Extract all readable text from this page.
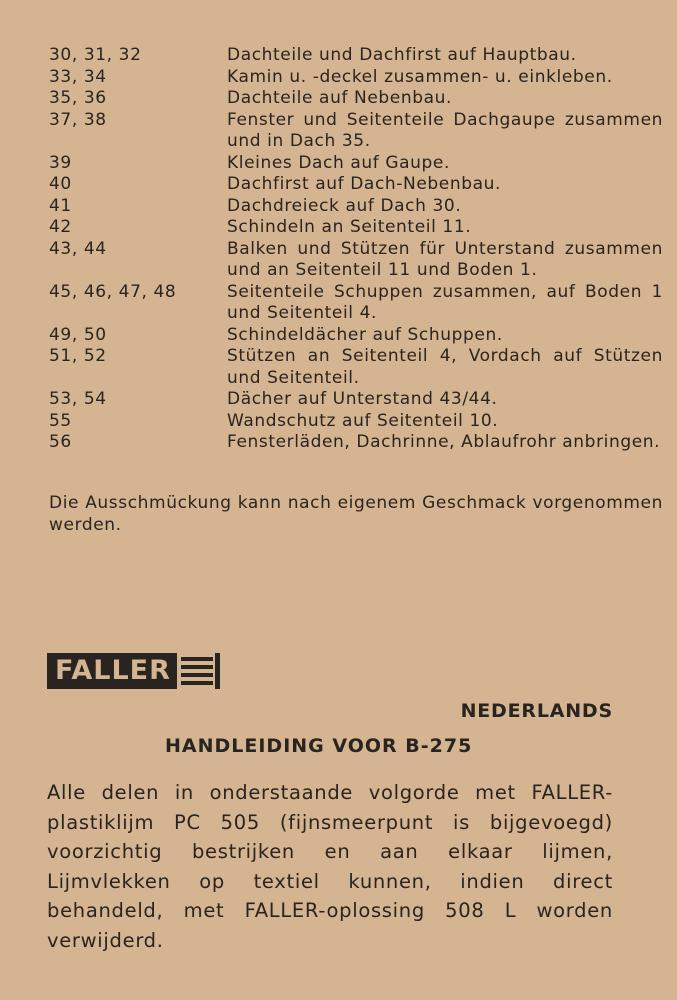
30, 31, 32	Dachteile und Dachfirst auf Hauptbau.
33, 34	Kamin u. -deckel zusammen- u. einkleben.
35, 36	Dachteile auf Nebenbau.
37, 38	Fenster und Seitenteile Dachgaupe zusammen und in Dach 35.
39	Kleines Dach auf Gaupe.
40	Dachfirst auf Dach-Nebenbau.
41	Dachdreieck auf Dach 30.
42	Schindeln an Seitenteil 11.
43, 44	Balken und Stützen für Unterstand zusammen und an Seitenteil 11 und Boden 1.
45, 46, 47, 48	Seitenteile Schuppen zusammen, auf Boden 1 und Seitenteil 4.
49, 50	Schindeldächer auf Schuppen.
51, 52	Stützen an Seitenteil 4, Vordach auf Stützen und Seitenteil.
53, 54	Dächer auf Unterstand 43/44.
55	Wandschutz auf Seitenteil 10.
56	Fensterläden, Dachrinne, Ablaufrohr anbringen.
Die Ausschmückung kann nach eigenem Geschmack vorgenommen werden.
FALLER
NEDERLANDS
HANDLEIDING VOOR B-275
Alle delen in onderstaande volgorde met FALLER-plastiklijm PC 505 (fijnsmeerpunt is bijgevoegd) voorzichtig bestrijken en aan elkaar lijmen, Lijmvlekken op textiel kunnen, indien direct behandeld, met FALLER-oplossing 508 L worden verwijderd.
